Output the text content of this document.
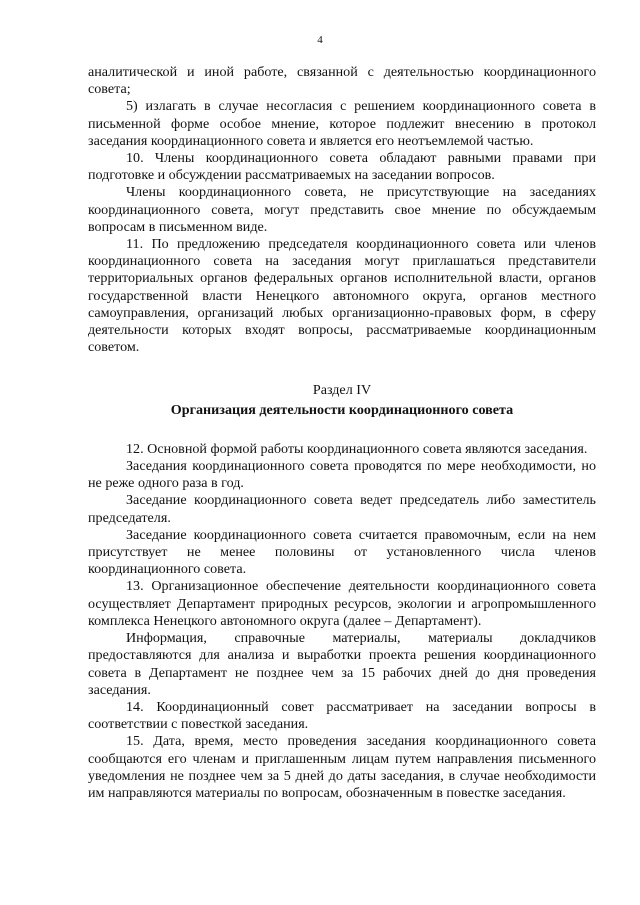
4

аналитической и иной работе, связанной с деятельностью координационного совета;

5) излагать в случае несогласия с решением координационного совета в письменной форме особое мнение, которое подлежит внесению в протокол заседания координационного совета и является его неотъемлемой частью.

10. Члены координационного совета обладают равными правами при подготовке и обсуждении рассматриваемых на заседании вопросов.

Члены координационного совета, не присутствующие на заседаниях координационного совета, могут представить свое мнение по обсуждаемым вопросам в письменном виде.

11. По предложению председателя координационного совета или членов координационного совета на заседания могут приглашаться представители территориальных органов федеральных органов исполнительной власти, органов государственной власти Ненецкого автономного округа, органов местного самоуправления, организаций любых организационно-правовых форм, в сферу деятельности которых входят вопросы, рассматриваемые координационным советом.

Раздел IV

Организация деятельности координационного совета

12. Основной формой работы координационного совета являются заседания.

Заседания координационного совета проводятся по мере необходимости, но не реже одного раза в год.

Заседание координационного совета ведет председатель либо заместитель председателя.

Заседание координационного совета считается правомочным, если на нем присутствует не менее половины от установленного числа членов координационного совета.

13. Организационное обеспечение деятельности координационного совета осуществляет Департамент природных ресурсов, экологии и агропромышленного комплекса Ненецкого автономного округа (далее – Департамент).

Информация, справочные материалы, материалы докладчиков предоставляются для анализа и выработки проекта решения координационного совета в Департамент не позднее чем за 15 рабочих дней до дня проведения заседания.

14. Координационный совет рассматривает на заседании вопросы в соответствии с повесткой заседания.

15. Дата, время, место проведения заседания координационного совета сообщаются его членам и приглашенным лицам путем направления письменного уведомления не позднее чем за 5 дней до даты заседания, в случае необходимости им направляются материалы по вопросам, обозначенным в повестке заседания.
